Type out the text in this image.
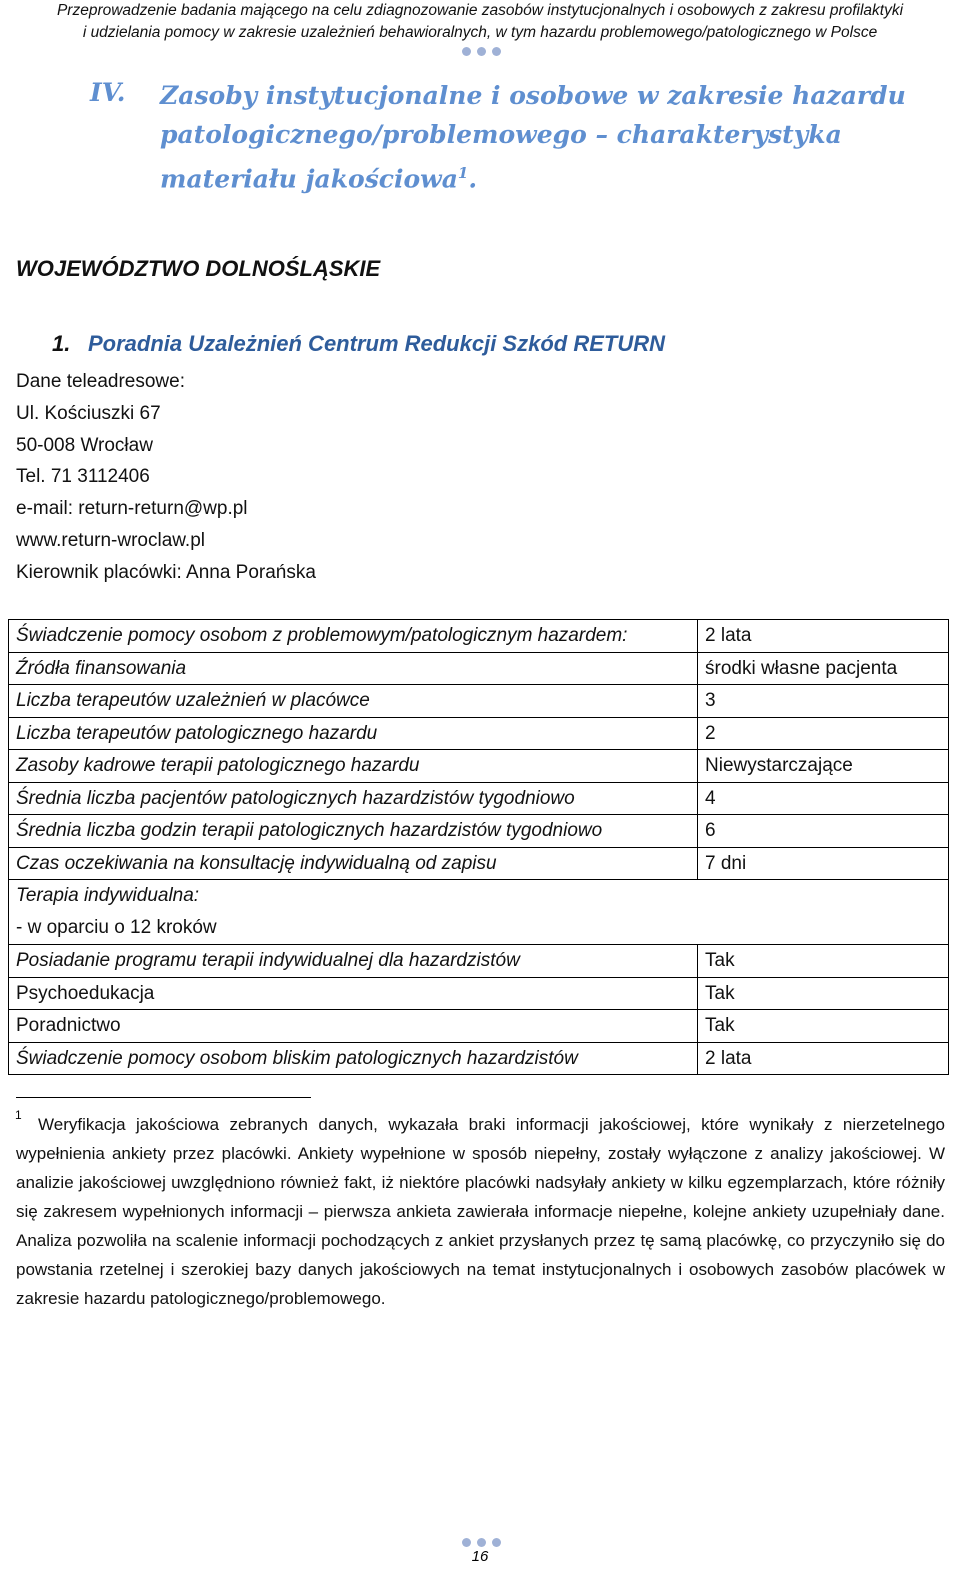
Przeprowadzenie badania mającego na celu zdiagnozowanie zasobów instytucjonalnych i osobowych z zakresu profilaktyki
i udzielania pomocy w zakresie uzależnień behawioralnych, w tym hazardu problemowego/patologicznego w Polsce
IV. Zasoby instytucjonalne i osobowe w zakresie hazardu patologicznego/problemowego – charakterystyka materiału jakościowa$^1$.
WOJEWÓDZTWO DOLNOŚLĄSKIE
1. Poradnia Uzależnień Centrum Redukcji Szkód RETURN
Dane teleadresowe:
Ul. Kościuszki 67
50-008 Wrocław
Tel. 71 3112406
e-mail: return-return@wp.pl
www.return-wroclaw.pl
Kierownik placówki: Anna Porańska
Świadczenie pomocy osobom z problemowym/patologicznym hazardem:	2 lata
Źródła finansowania	środki własne pacjenta
Liczba terapeutów uzależnień w placówce	3
Liczba terapeutów patologicznego hazardu	2
Zasoby kadrowe terapii patologicznego hazardu	Niewystarczające
Średnia liczba pacjentów patologicznych hazardzistów tygodniowo	4
Średnia liczba godzin terapii patologicznych hazardzistów tygodniowo	6
Czas oczekiwania na konsultację indywidualną od zapisu	7 dni

Terapia indywidualna:
- w oparciu o 12 kroków	

Posiadanie programu terapii indywidualnej dla hazardzistów	Tak
Psychoedukacja	Tak
Poradnictwo	Tak
Świadczenie pomocy osobom bliskim patologicznych hazardzistów	2 lata
1 Weryfikacja jakościowa zebranych danych, wykazała braki informacji jakościowej, które wynikały z nierzetelnego wypełnienia ankiety przez placówki. Ankiety wypełnione w sposób niepełny, zostały wyłączone z analizy jakościowej. W analizie jakościowej uwzględniono również fakt, iż niektóre placówki nadsyłały ankiety w kilku egzemplarzach, które różniły się zakresem wypełnionych informacji – pierwsza ankieta zawierała informacje niepełne, kolejne ankiety uzupełniały dane. Analiza pozwoliła na scalenie informacji pochodzących z ankiet przysłanych przez tę samą placówkę, co przyczyniło się do powstania rzetelnej i szerokiej bazy danych jakościowych na temat instytucjonalnych i osobowych zasobów placówek w zakresie hazardu patologicznego/problemowego.
16
